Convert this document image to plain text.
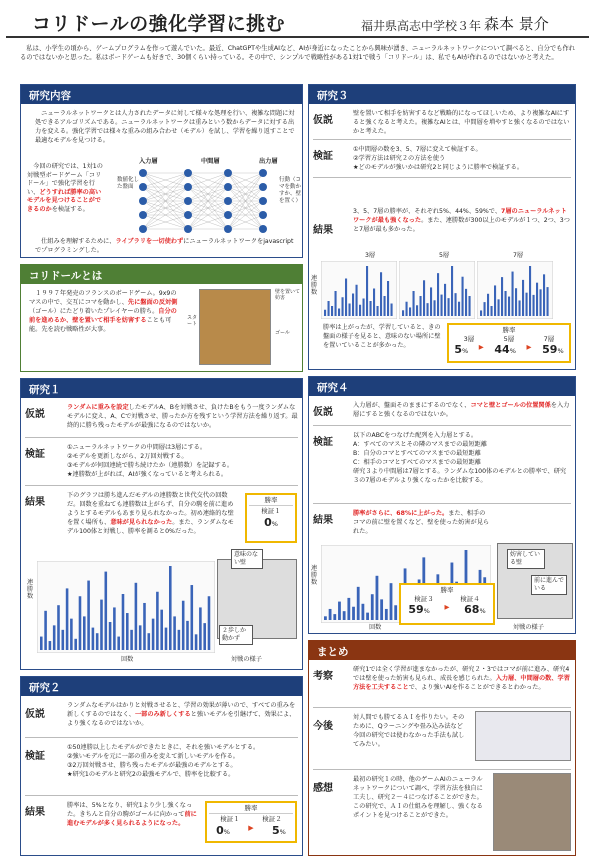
コリドールの強化学習に挑む	福井県高志中学校３年 森本 景介
　私は、小学生の頃から、ゲームプログラムを作って遊んでいた。最近、ChatGPTや生成AIなど、AIが身近になったことから興味が湧き、ニューラルネットワークについて調べると、自分でも作れるのではないかと思った。私はボードゲームも好きで、30個くらい持っている。その中で、シンプルで戦略性がある1対1で戦う「コリドール」は、私でもAIが作れるのではないかと考えた。
研究内容
　ニューラルネットワークとは人力されたデータに対して様々な処理を行い、複雑な問題に対処できるアルゴリズムである。ニューラルネットワークは重みという数からデータに対する出力を変える。強化学習では様々な重みの組み合わせ（モデル）を試し、学習を繰り返すことで最適なモデルを見つける。
　今回の研究では、1対1の対戦型ボードゲーム「コリドール」で強化学習を行い、どうすれば勝率の高いモデルを見つけることができるのかを検証する。
入力層	中間層	出力層
数値化した盤面
行動（コマを動かすか、壁を置く）
　仕組みを理解するために、ライブラリを一切使わずにニューラルネットワークをjavascriptでプログラミングした。
コリドールとは
　１９９７年発売のフランスのボードゲーム。9x9のマスの中で、交互にコマを動かし、先に盤面の反対側（ゴール）にたどり着いたプレイヤーの勝ち。自分の前を進めるか、壁を置いて相手を妨害することも可能。先を読む戦略性が大事。
壁を置いて妨害
スタート
ゴール
研究１
仮説
ランダムに重みを設定したモデルA、Bを対戦させ、負けたBをもう一度ランダムなモデルに変え、A、Cで対戦させ、勝ったか方を残すという学習方法を繰り返す。最終的に勝ち残ったモデルが最強になるのではないか。
検証
①ニューラルネットワークの中間層は3層にする。
②モデルを更新しながら、2万回対戦する。
③モデルが何回連続で勝ち続けたか（連勝数）を記録する。
★連勝数が上がれば、AIが強くなっていると考えられる。
結果
下のグラフは勝ち進んだモデルの連勝数と世代交代の回数だ。回数を重ねても連勝数は上がらず、自分の駒を前に進めようとするモデルもあまり見られなかった。初め連絡的な壁を置く場所も、意味が見られなかった。また、ランダムなモデル100体と対戦し、勝率を測ると0%だった。
勝率
検証１
0%
連勝数
回数
意味のない壁
２歩しか動かず
対戦の様子
研究２
仮説
ランダムなモデルはかりと対戦させると、学習の効果が薄いので、すべての重みを新しくするのではなく、一部のみ新しくすると強いモデルを引継げて、効果によ、より強くなるのではないか。
検証
①50連勝以上したモデルができたときに、それを強いモデルとする。
②強いモデルを元に一部の重みを変えて新しいモデルを作る。
③2万回対戦させ、勝ち残ったモデルが最強のモデルとする。
★研究1のモデルと研究2の最強モデルで、勝率を比較する。
結果
勝率は、5%となり、研究1より少し強くなった。きちんと自分の駒がゴールに向かって前に進むモデルが多く見られるようになった。
勝率
検証１	検証２
0%	▶ 5%
研究３
仮説
壁を置いて相手を妨害するなど戦略的になってほしいため、より複雑なAIにすると強くなると考えた。複雑なAIとは、中間層を増やすと強くなるのではないかと考えた。
検証
①中間層の数を3、5、7層に変えて検証する。
②学習方法は研究２の方法を使う
★どのモデルが強いかは研究2と同じように勝率で検証する。
結果
3、5、7層の勝率が、それぞれ5%、44%、59%で、7層のニューラルネットワークが最も強くなった。また、連勝数が300以上のモデルが１つ、2つ、3つと7層が最も多かった。
3層	5層	7層
連勝数
勝率は上がったが、学習していると、きの盤面の様子を見ると、意味のない場所に壁を置いていることが多かった。
勝率
3層	5層	7層
5% ▶ 44% ▶ 59%
研究４
仮説
入力層が、盤面そのままにするのでなく、コマと壁とゴールの位置関係を入力層にすると強くなるのではないか。
検証
以下のABCをつなげた配列を入力層とする。
A：すべてのマスとその隣のマスまでの最短距離
B：自分のコマとすべてのマスまでの最短距離
C：相手のコマとすべてのマスまでの最短距離
研究３より中間層は7層とする。ランダムな100体のモデルとの勝率で、研究３の7層のモデルより強くなったかを比較する。
結果
勝率がさらに、68%に上がった。また、相手のコマの前に壁を置くなど、壁を使った妨害が見られた。
連勝数
回数
妨害している壁
前に進んでいる
対戦の様子
勝率
検証３	検証４
59% ▶ 68%
まとめ
考察
研究1では全く学習が進まなかったが、研究２・3ではコマが前に進み、研究4では壁を使った妨害も見られ、成長を感じられた。入力層、中間層の数、学習方法を工夫することで、より強いAIを作ることができるとわかった。
今後
対人間でも勝てるＡＩを作りたい。そのために、Qラーニングや畳み込み法など今回の研究では使わなかった手法も試してみたい。
感想
最初の研究１の時、他のゲームAIのニューラルネットワークについて調べ、学習方法を独自に工夫し、研究２～４につなげることができた。この研究で、ＡＩの仕組みを理解し、強くなるポイントを見つけることができた。
